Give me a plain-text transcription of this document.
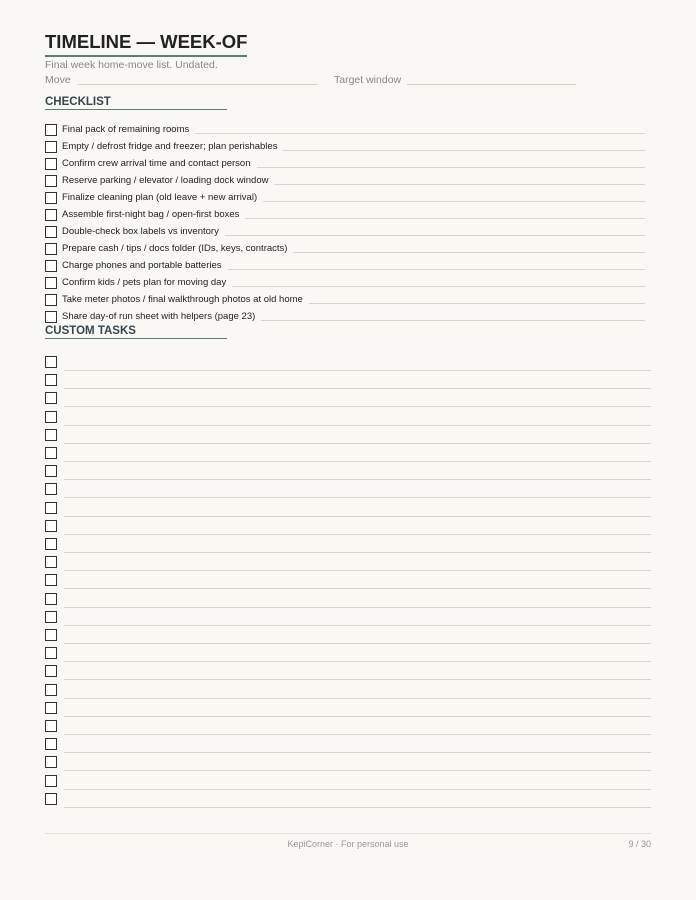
TIMELINE — WEEK-OF
Final week home-move list. Undated.
Move	Target window
CHECKLIST
Final pack of remaining rooms
Empty / defrost fridge and freezer; plan perishables
Confirm crew arrival time and contact person
Reserve parking / elevator / loading dock window
Finalize cleaning plan (old leave + new arrival)
Assemble first-night bag / open-first boxes
Double-check box labels vs inventory
Prepare cash / tips / docs folder (IDs, keys, contracts)
Charge phones and portable batteries
Confirm kids / pets plan for moving day
Take meter photos / final walkthrough photos at old home
Share day-of run sheet with helpers (page 23)
CUSTOM TASKS
KepiCorner · For personal use	9 / 30
